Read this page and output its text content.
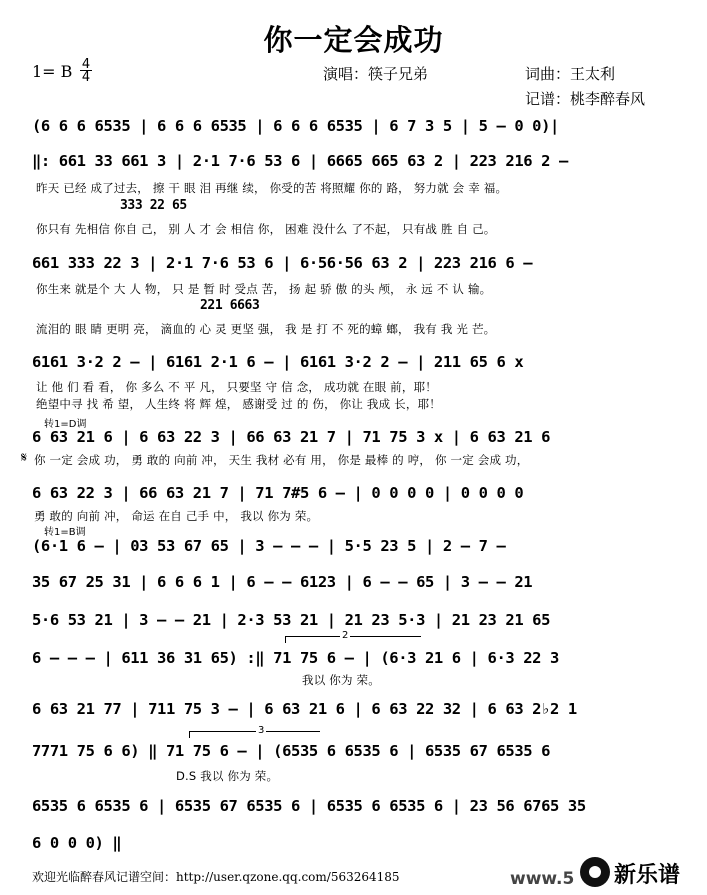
你一定会成功
1= B 4
4	演唱：筷子兄弟	词曲：王太利
记谱：桃李醉春风
(6 6 6 6535 | 6 6 6 6535 | 6 6 6 6535 | 6 7 3 5 | 5 — 0 0)|
‖: 661 33 661 3 | 2·1 7·6 53 6 | 6665 665 63 2 | 223 216 2 —
昨天 已经 成了过去， 擦 干 眼 泪 再继 续， 你受的苦 将照耀 你的 路， 努力就 会 幸 福。
333 22 65
你只有 先相信 你自 己， 别 人 才 会 相信 你， 困难 没什么 了不起， 只有战 胜 自 己。
661 333 22 3 | 2·1 7·6 53 6 | 6·56·56 63 2 | 223 216 6 —
你生来 就是个 大 人 物， 只 是 暂 时 受点 苦， 扬 起 骄 傲 的头 颅， 永 远 不 认 输。
221 6663
流泪的 眼 睛 更明 亮， 滴血的 心 灵 更坚 强， 我 是 打 不 死的蟑 螂， 我有 我 光 芒。
6161 3·2 2 — | 6161 2·1 6 — | 6161 3·2 2 — | 211 65 6 x
让 他 们 看 看， 你 多么 不 平 凡， 只要坚 守 信 念， 成功就 在眼 前，耶！
绝望中寻 找 希 望， 人生终 将 辉 煌， 感谢受 过 的 伤， 你让 我成 长，耶！
转1=D调
6 63 21 6 | 6 63 22 3 | 66 63 21 7 | 71 75 3 x | 6 63 21 6
𝄋 你 一定 会成 功， 勇 敢的 向前 冲， 天生 我材 必有 用， 你是 最棒 的 哼， 你 一定 会成 功，
6 63 22 3 | 66 63 21 7 | 71 7#5 6 — | 0 0 0 0 | 0 0 0 0
勇 敢的 向前 冲， 命运 在自 己手 中， 我以 你为 荣。
转1=B调
(6·1 6 — | 03 53 67 65 | 3 — — — | 5·5 23 5 | 2 — 7 —
35 67 25 31 | 6 6 6 1 | 6 — — 6123 | 6 — — 65 | 3 — — 21
5·6 53 21 | 3 — — 21 | 2·3 53 21 | 21 23 5·3 | 21 23 21 65
2
6 — — — | 611 36 31 65) :‖ 71 75 6 — | (6·3 21 6 | 6·3 22 3
我以 你为 荣。
6 63 21 77 | 711 75 3 — | 6 63 21 6 | 6 63 22 32 | 6 63 2♭2 1
3
7771 75 6 6) ‖ 71 75 6 — | (6535 6 6535 6 | 6535 67 6535 6
D.S 我以 你为 荣。
6535 6 6535 6 | 6535 67 6535 6 | 6535 6 6535 6 | 23 56 6765 35
6 0 0 0) ‖
欢迎光临醉春风记谱空间：http://user.qzone.qq.com/563264185	www.5 新乐谱
